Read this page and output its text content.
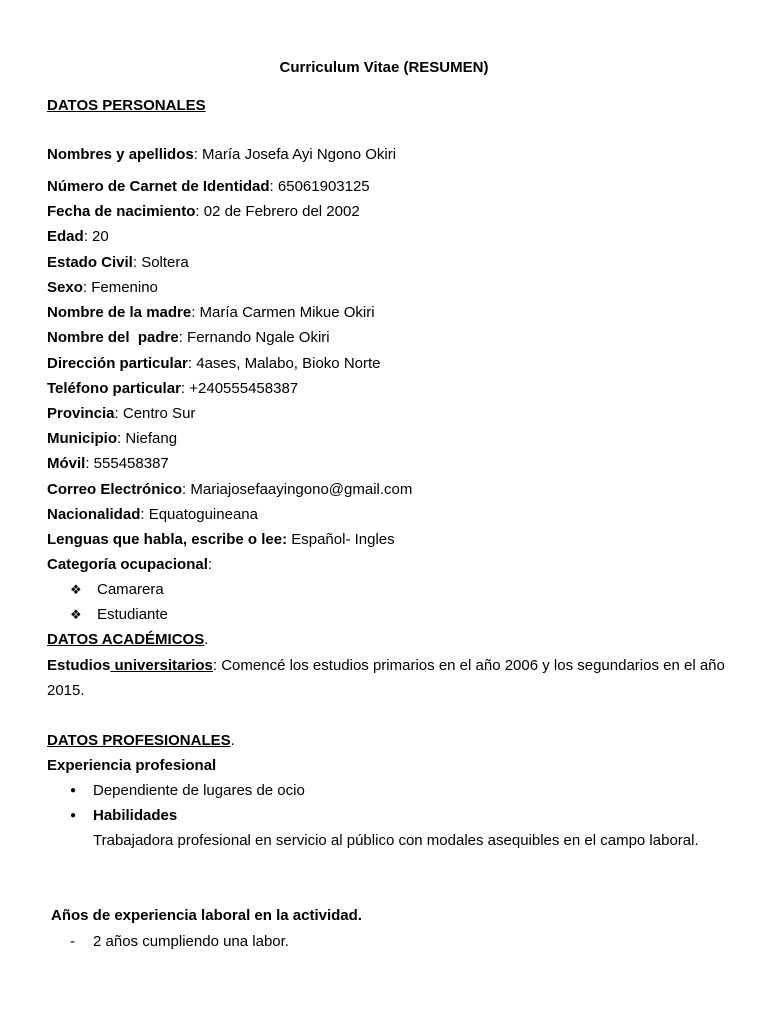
Curriculum Vitae (RESUMEN)
DATOS PERSONALES
Nombres y apellidos: María Josefa Ayi Ngono Okiri
Número de Carnet de Identidad: 65061903125
Fecha de nacimiento: 02 de Febrero del 2002
Edad: 20
Estado Civil: Soltera
Sexo: Femenino
Nombre de la madre: María Carmen Mikue Okiri
Nombre del  padre: Fernando Ngale Okiri
Dirección particular: 4ases, Malabo, Bioko Norte
Teléfono particular: +240555458387
Provincia: Centro Sur
Municipio: Niefang
Móvil: 555458387
Correo Electrónico: Mariajosefaayingono@gmail.com
Nacionalidad: Equatoguineana
Lenguas que habla, escribe o lee: Español- Ingles
Categoría ocupacional:
❖ Camarera
❖ Estudiante
DATOS ACADÉMICOS.
Estudios universitarios: Comencé los estudios primarios en el año 2006 y los segundarios en el año 2015.
DATOS PROFESIONALES.
Experiencia profesional
● Dependiente de lugares de ocio
● Habilidades
Trabajadora profesional en servicio al público con modales asequibles en el campo laboral.
Años de experiencia laboral en la actividad.
- 2 años cumpliendo una labor.
